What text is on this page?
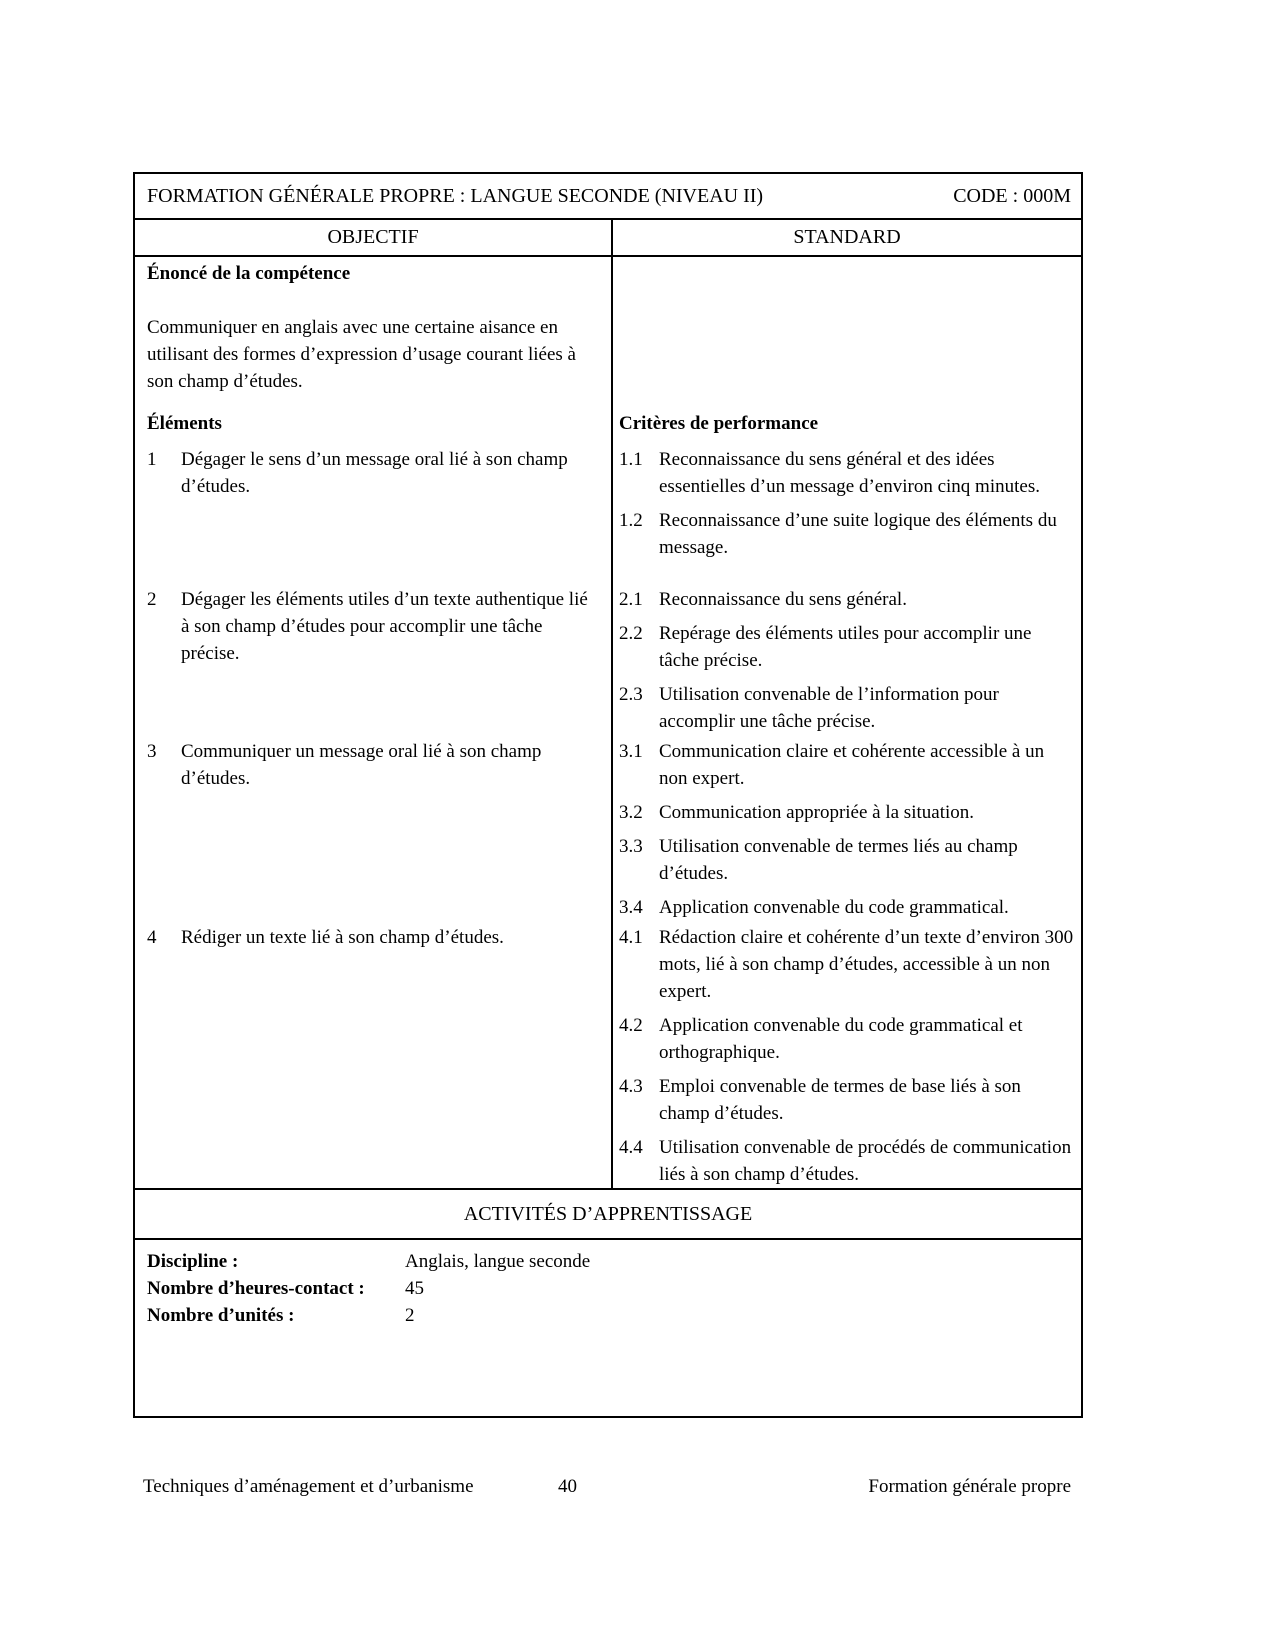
FORMATION GÉNÉRALE PROPRE : LANGUE SECONDE (NIVEAU II)	CODE : 000M
OBJECTIF	STANDARD
Énoncé de la compétence
Communiquer en anglais avec une certaine aisance en utilisant des formes d’expression d’usage courant liées à son champ d’études.
Éléments	Critères de performance
1	Dégager le sens d’un message oral lié à son champ d’études.
1.1 Reconnaissance du sens général et des idées essentielles d’un message d’environ cinq minutes.
1.2 Reconnaissance d’une suite logique des éléments du message.
2	Dégager les éléments utiles d’un texte authentique lié à son champ d’études pour accomplir une tâche précise.
2.1 Reconnaissance du sens général.
2.2 Repérage des éléments utiles pour accomplir une tâche précise.
2.3 Utilisation convenable de l’information pour accomplir une tâche précise.
3	Communiquer un message oral lié à son champ d’études.
3.1 Communication claire et cohérente accessible à un non expert.
3.2 Communication appropriée à la situation.
3.3 Utilisation convenable de termes liés au champ d’études.
3.4 Application convenable du code grammatical.
4	Rédiger un texte lié à son champ d’études.	4.1 Rédaction claire et cohérente d’un texte d’environ 300 mots, lié à son champ d’études, accessible à un non expert.
4.2 Application convenable du code grammatical et orthographique.
4.3 Emploi convenable de termes de base liés à son champ d’études.
4.4 Utilisation convenable de procédés de communication liés à son champ d’études.
ACTIVITÉS D’APPRENTISSAGE
Discipline :	Anglais, langue seconde
Nombre d’heures-contact :	45
Nombre d’unités :	2
Techniques d’aménagement et d’urbanisme	40	Formation générale propre
